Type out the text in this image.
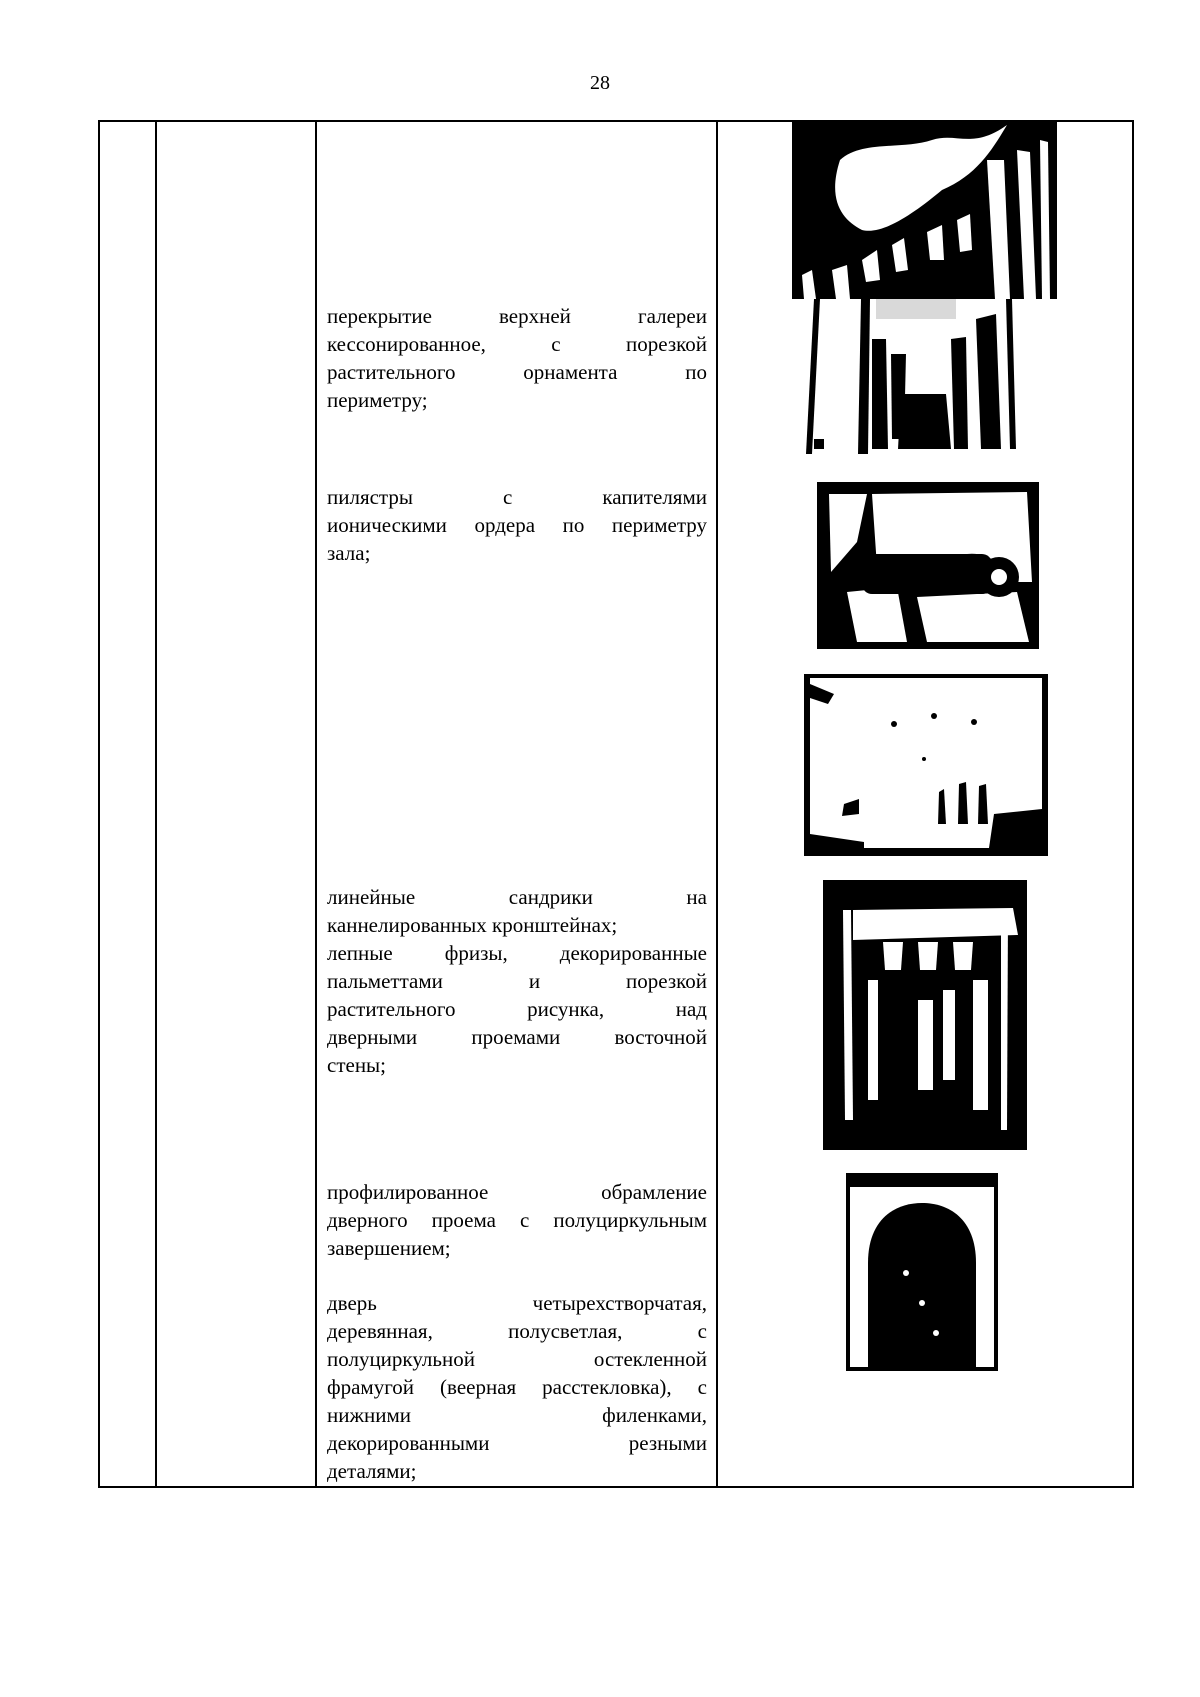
28
перекрытие верхней галереи
кессонированное, с порезкой
растительного орнамента по
периметру;
пилястры с капителями
ионическими ордера по периметру
зала;
линейные сандрики на
каннелированных кронштейнах;
лепные фризы, декорированные
пальметтами и порезкой
растительного рисунка, над
дверными проемами восточной
стены;
профилированное обрамление
дверного проема с полуциркульным
завершением;
дверь четырехстворчатая,
деревянная, полусветлая, с
полуциркульной остекленной
фрамугой (веерная расстекловка), с
нижними филенками,
декорированными резными
деталями;
